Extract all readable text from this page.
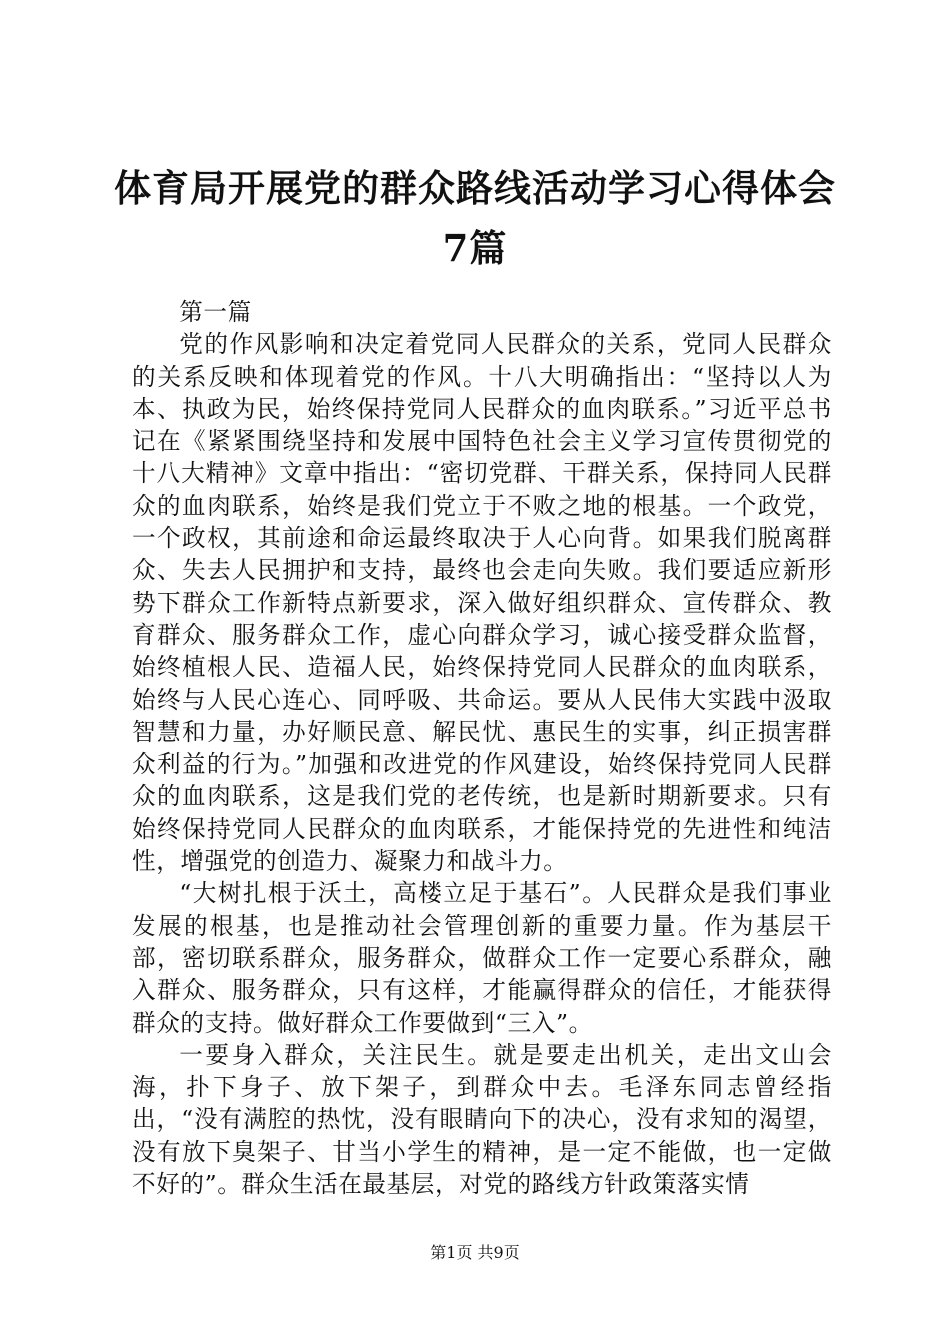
体育局开展党的群众路线活动学习心得体会7篇

第一篇

党的作风影响和决定着党同人民群众的关系，党同人民群众的关系反映和体现着党的作风。十八大明确指出：“坚持以人为本、执政为民，始终保持党同人民群众的血肉联系。”习近平总书记在《紧紧围绕坚持和发展中国特色社会主义学习宣传贯彻党的十八大精神》文章中指出：“密切党群、干群关系，保持同人民群众的血肉联系，始终是我们党立于不败之地的根基。一个政党，一个政权，其前途和命运最终取决于人心向背。如果我们脱离群众、失去人民拥护和支持，最终也会走向失败。我们要适应新形势下群众工作新特点新要求，深入做好组织群众、宣传群众、教育群众、服务群众工作，虚心向群众学习，诚心接受群众监督，始终植根人民、造福人民，始终保持党同人民群众的血肉联系，始终与人民心连心、同呼吸、共命运。要从人民伟大实践中汲取智慧和力量，办好顺民意、解民忧、惠民生的实事，纠正损害群众利益的行为。”加强和改进党的作风建设，始终保持党同人民群众的血肉联系，这是我们党的老传统，也是新时期新要求。只有始终保持党同人民群众的血肉联系，才能保持党的先进性和纯洁性，增强党的创造力、凝聚力和战斗力。

“大树扎根于沃土，高楼立足于基石”。人民群众是我们事业发展的根基，也是推动社会管理创新的重要力量。作为基层干部，密切联系群众，服务群众，做群众工作一定要心系群众，融入群众、服务群众，只有这样，才能赢得群众的信任，才能获得群众的支持。做好群众工作要做到“三入”。

一要身入群众，关注民生。就是要走出机关，走出文山会海，扑下身子、放下架子，到群众中去。毛泽东同志曾经指出，“没有满腔的热忱，没有眼睛向下的决心，没有求知的渴望，没有放下臭架子、甘当小学生的精神，是一定不能做，也一定做不好的”。群众生活在最基层，对党的路线方针政策落实情

第1页 共9页
